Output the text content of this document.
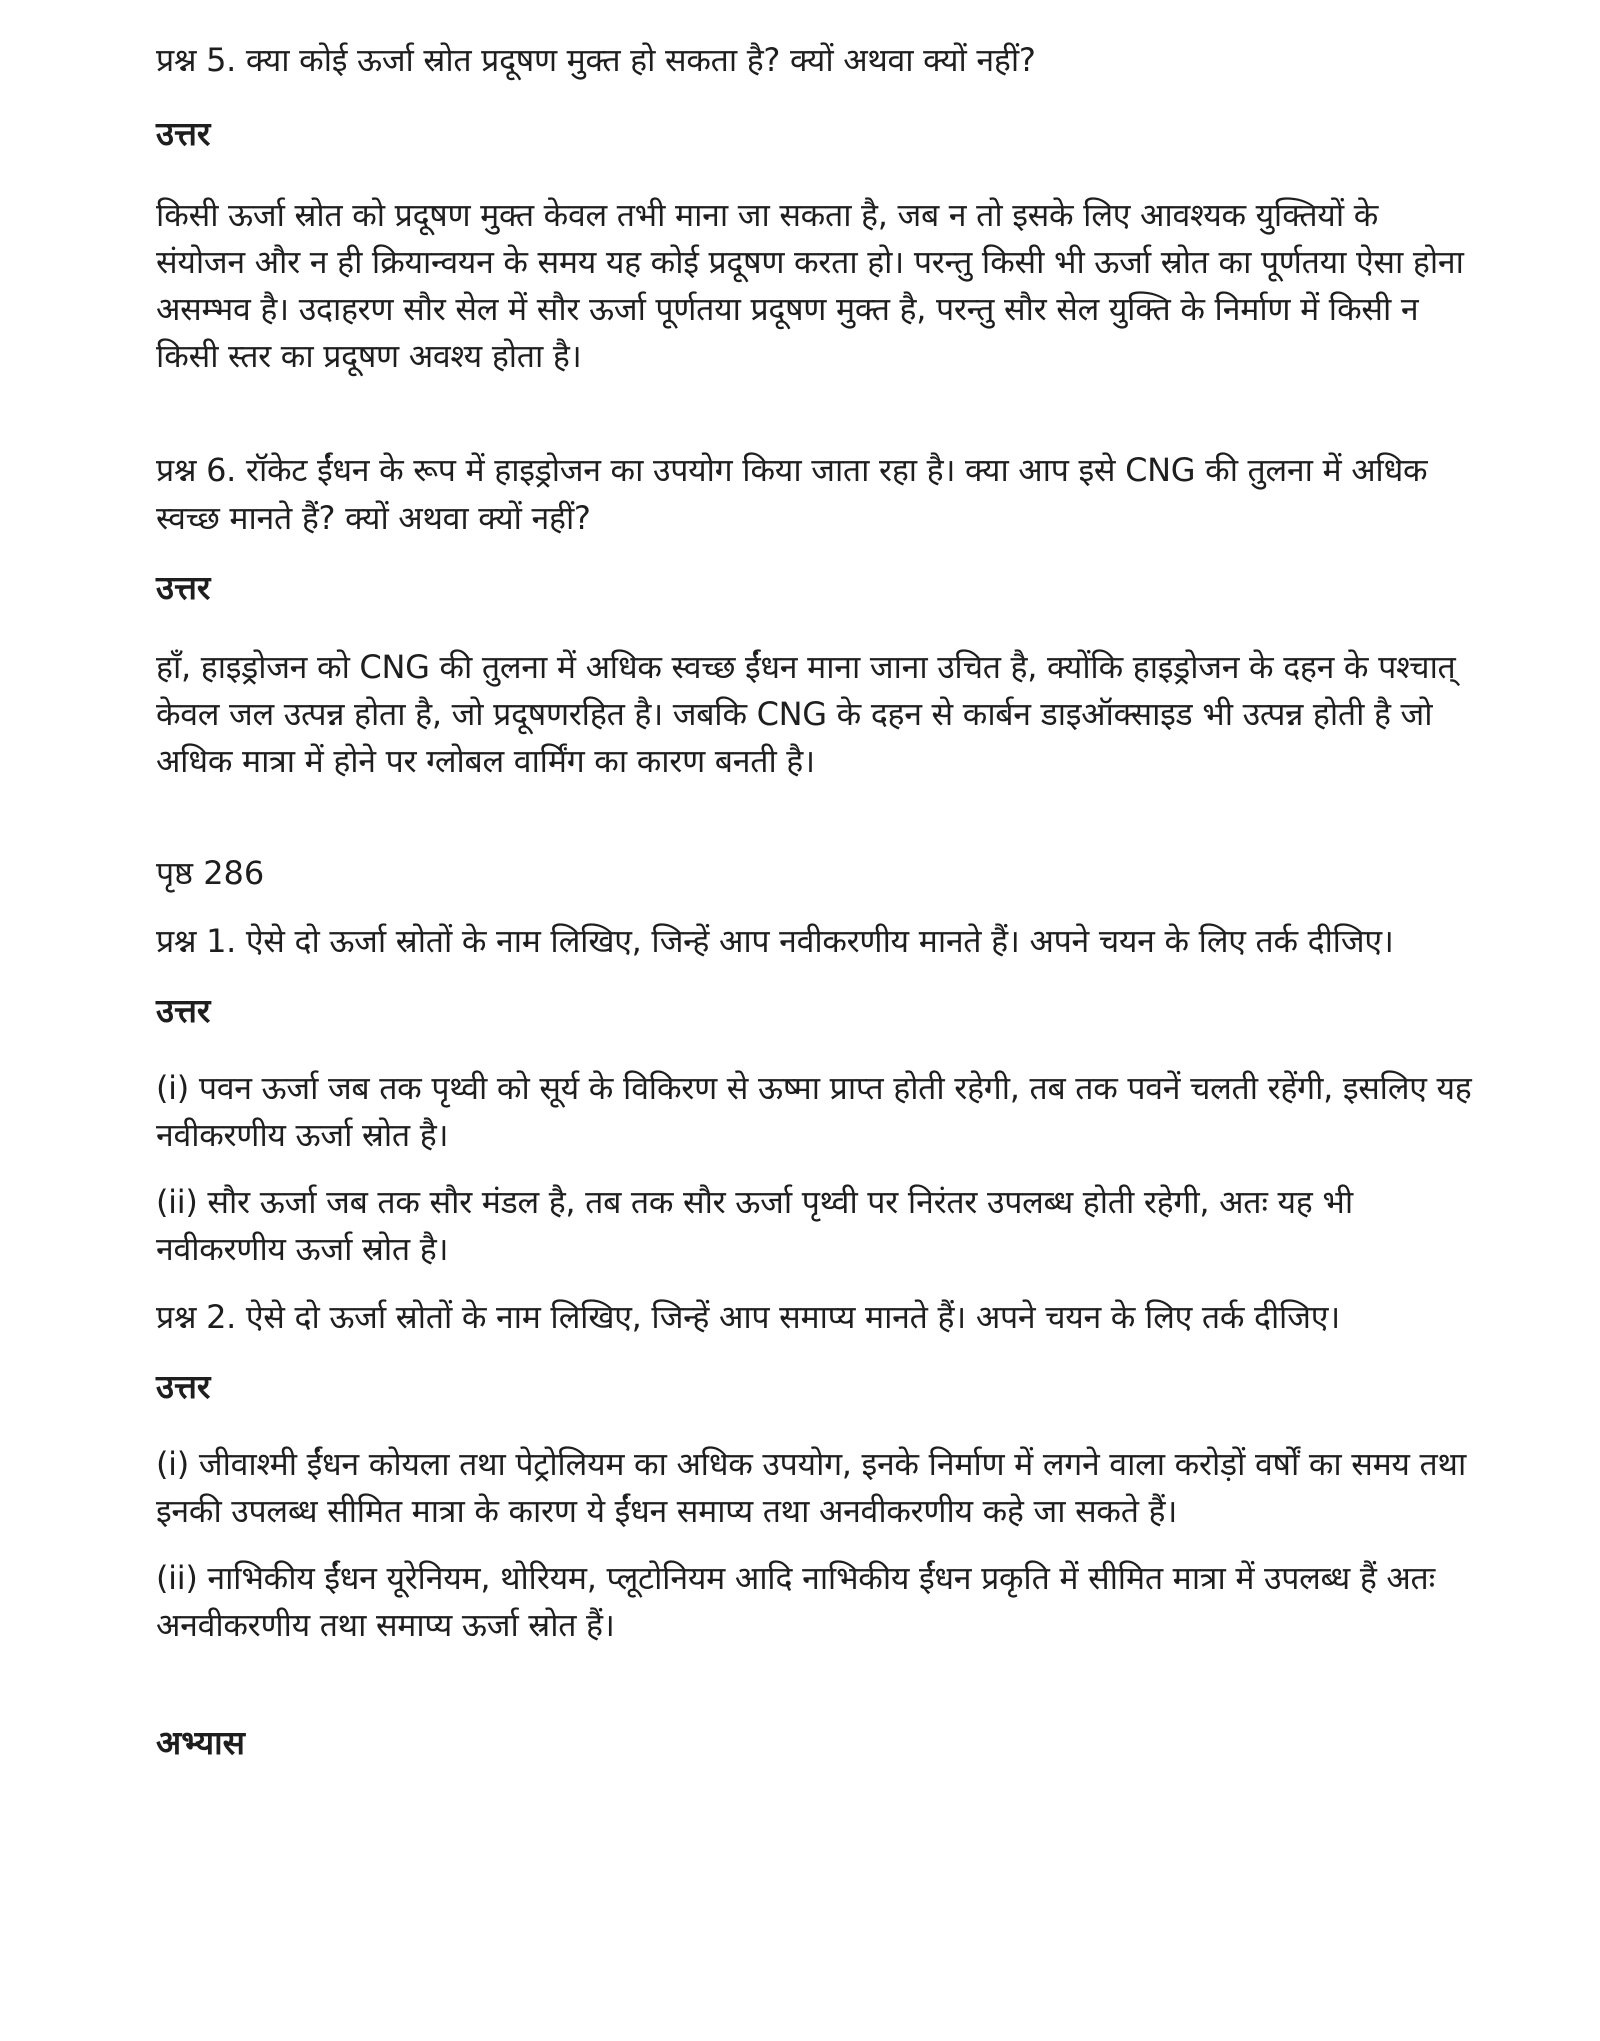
प्रश्न 5. क्या कोई ऊर्जा स्रोत प्रदूषण मुक्त हो सकता है? क्यों अथवा क्यों नहीं?

उत्तर

किसी ऊर्जा स्रोत को प्रदूषण मुक्त केवल तभी माना जा सकता है, जब न तो इसके लिए आवश्यक युक्तियों के संयोजन और न ही क्रियान्वयन के समय यह कोई प्रदूषण करता हो। परन्तु किसी भी ऊर्जा स्रोत का पूर्णतया ऐसा होना असम्भव है। उदाहरण सौर सेल में सौर ऊर्जा पूर्णतया प्रदूषण मुक्त है, परन्तु सौर सेल युक्ति के निर्माण में किसी न किसी स्तर का प्रदूषण अवश्य होता है।

प्रश्न 6. रॉकेट ईंधन के रूप में हाइड्रोजन का उपयोग किया जाता रहा है। क्या आप इसे CNG की तुलना में अधिक स्वच्छ मानते हैं? क्यों अथवा क्यों नहीं?

उत्तर

हाँ, हाइड्रोजन को CNG की तुलना में अधिक स्वच्छ ईंधन माना जाना उचित है, क्योंकि हाइड्रोजन के दहन के पश्चात् केवल जल उत्पन्न होता है, जो प्रदूषणरहित है। जबकि CNG के दहन से कार्बन डाइऑक्साइड भी उत्पन्न होती है जो अधिक मात्रा में होने पर ग्लोबल वार्मिंग का कारण बनती है।

पृष्ठ 286

प्रश्न 1. ऐसे दो ऊर्जा स्रोतों के नाम लिखिए, जिन्हें आप नवीकरणीय मानते हैं। अपने चयन के लिए तर्क दीजिए।

उत्तर

(i) पवन ऊर्जा जब तक पृथ्वी को सूर्य के विकिरण से ऊष्मा प्राप्त होती रहेगी, तब तक पवनें चलती रहेंगी, इसलिए यह नवीकरणीय ऊर्जा स्रोत है।

(ii) सौर ऊर्जा जब तक सौर मंडल है, तब तक सौर ऊर्जा पृथ्वी पर निरंतर उपलब्ध होती रहेगी, अतः यह भी नवीकरणीय ऊर्जा स्रोत है।

प्रश्न 2. ऐसे दो ऊर्जा स्रोतों के नाम लिखिए, जिन्हें आप समाप्य मानते हैं। अपने चयन के लिए तर्क दीजिए।

उत्तर

(i) जीवाश्मी ईंधन कोयला तथा पेट्रोलियम का अधिक उपयोग, इनके निर्माण में लगने वाला करोड़ों वर्षों का समय तथा इनकी उपलब्ध सीमित मात्रा के कारण ये ईंधन समाप्य तथा अनवीकरणीय कहे जा सकते हैं।

(ii) नाभिकीय ईंधन यूरेनियम, थोरियम, प्लूटोनियम आदि नाभिकीय ईंधन प्रकृति में सीमित मात्रा में उपलब्ध हैं अतः अनवीकरणीय तथा समाप्य ऊर्जा स्रोत हैं।

अभ्यास
